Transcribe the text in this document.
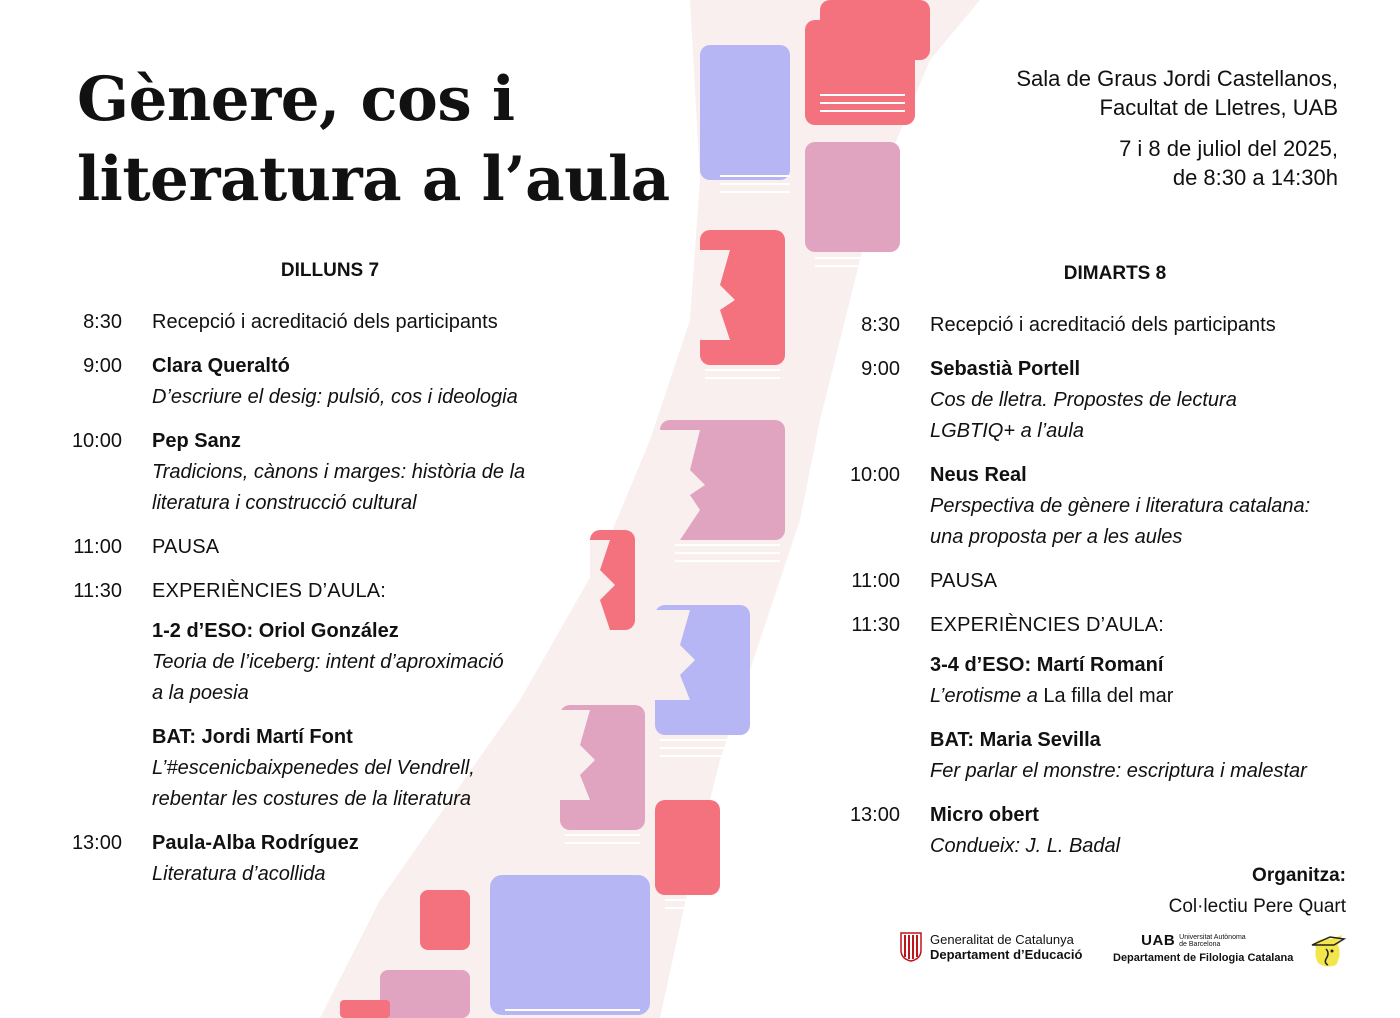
Gènere, cos i
literatura a l’aula
Sala de Graus Jordi Castellanos,
Facultat de Lletres, UAB
7 i 8 de juliol del 2025,
de 8:30 a 14:30h
DILLUNS 7	DIMARTS 8
8:30 Recepció i acreditació dels participants
9:00 Clara Queraltó
D’escriure el desig: pulsió, cos i ideologia
10:00 Pep Sanz
Tradicions, cànons i marges: història de la
literatura i construcció cultural
11:00 PAUSA
11:30 EXPERIÈNCIES D’AULA:
1-2 d’ESO: Oriol González
Teoria de l’iceberg: intent d’aproximació
a la poesia
BAT: Jordi Martí Font
L’#escenicbaixpenedes del Vendrell,
rebentar les costures de la literatura
13:00 Paula-Alba Rodríguez
Literatura d’acollida
8:30 Recepció i acreditació dels participants
9:00 Sebastià Portell
Cos de lletra. Propostes de lectura
LGBTIQ+ a l’aula
10:00 Neus Real
Perspectiva de gènere i literatura catalana:
una proposta per a les aules
11:00 PAUSA
11:30 EXPERIÈNCIES D’AULA:
3-4 d’ESO: Martí Romaní
L’erotisme a La filla del mar
BAT: Maria Sevilla
Fer parlar el monstre: escriptura i malestar
13:00 Micro obert
Condueix: J. L. Badal
Organitza:
Col·lectiu Pere Quart
Generalitat de Catalunya
Departament d’Educació
UAB Universitat Autònoma
de Barcelona
Departament de Filologia Catalana
